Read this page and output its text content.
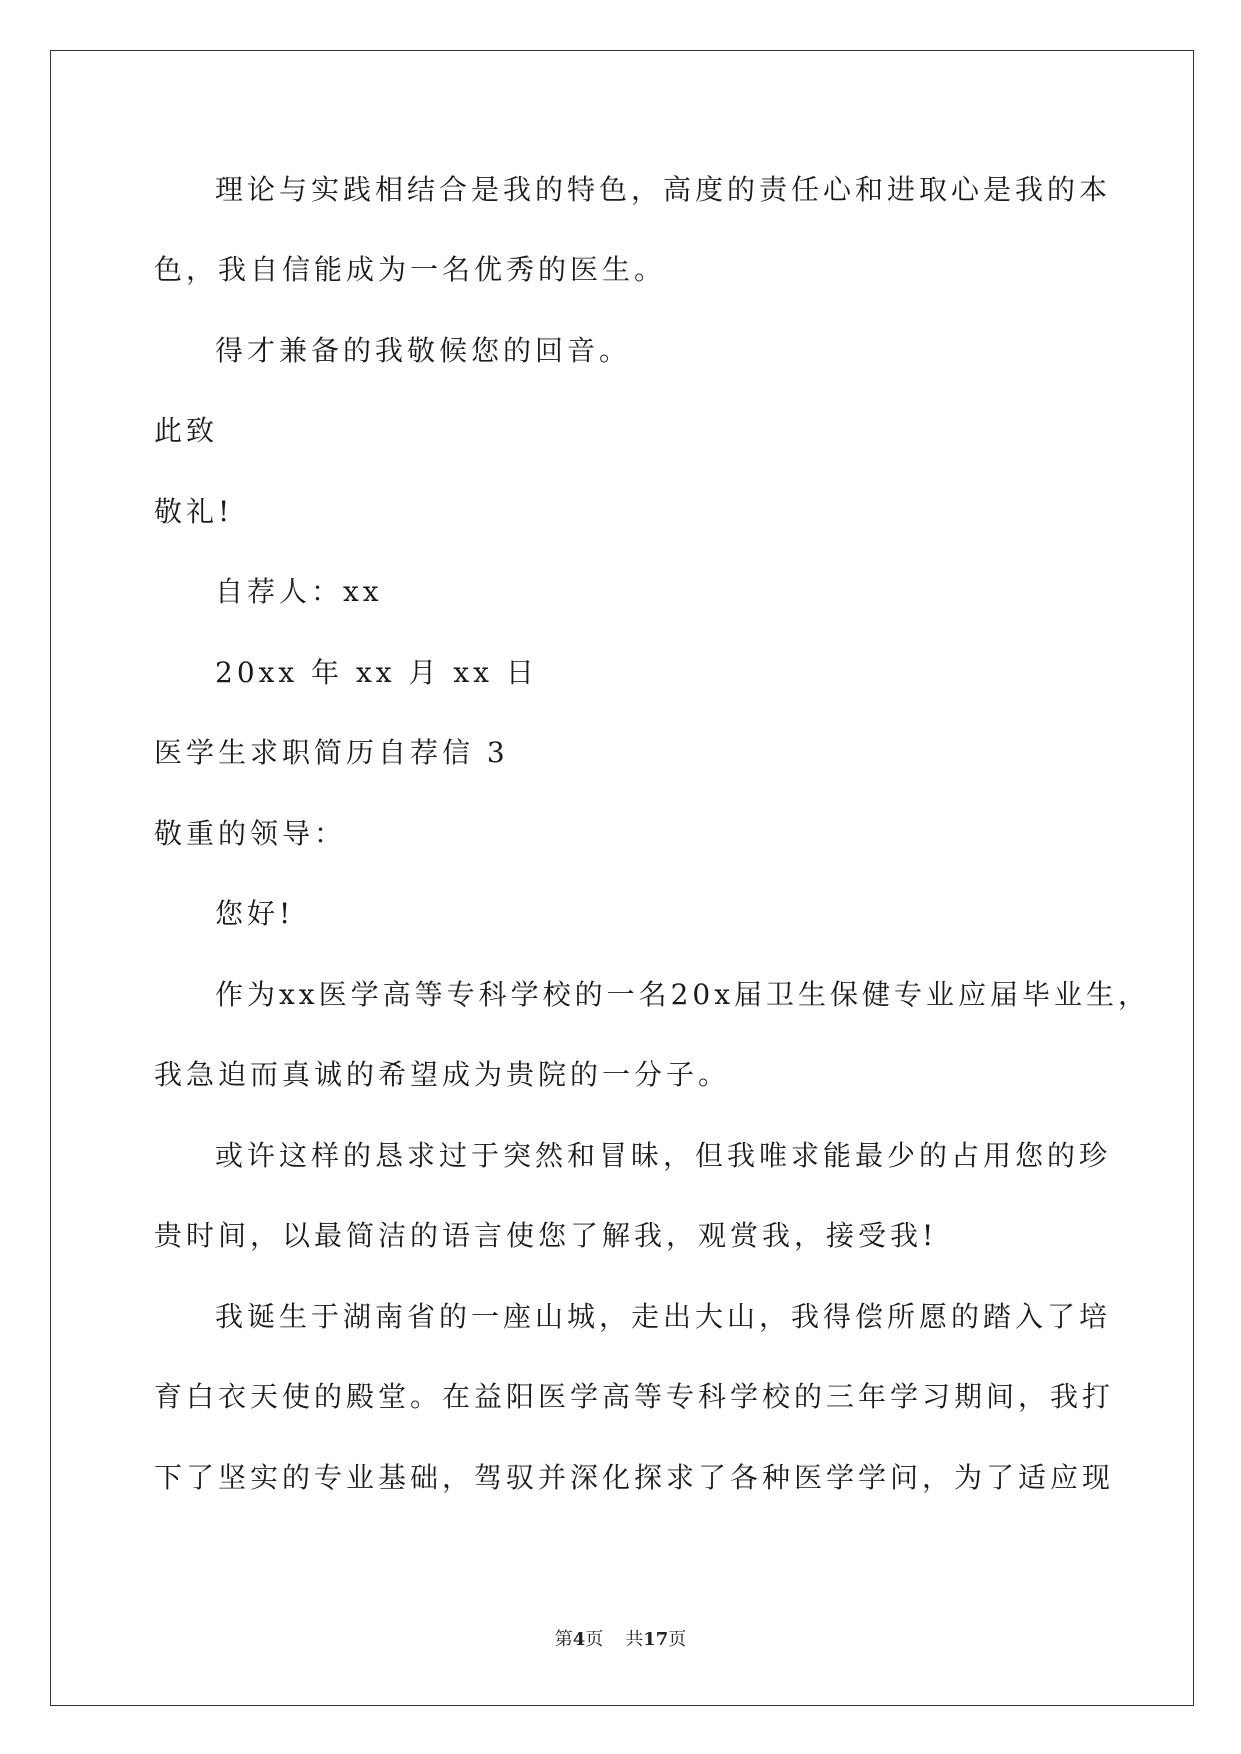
理论与实践相结合是我的特色，高度的责任心和进取心是我的本
色，我自信能成为一名优秀的医生。
得才兼备的我敬候您的回音。
此致
敬礼!
自荐人：xx
20xx 年 xx 月 xx 日
医学生求职简历自荐信 3
敬重的领导：
您好!
作为xx医学高等专科学校的一名20x届卫生保健专业应届毕业生，
我急迫而真诚的希望成为贵院的一分子。
或许这样的恳求过于突然和冒昧，但我唯求能最少的占用您的珍
贵时间，以最简洁的语言使您了解我，观赏我，接受我!
我诞生于湖南省的一座山城，走出大山，我得偿所愿的踏入了培
育白衣天使的殿堂。在益阳医学高等专科学校的三年学习期间，我打
下了坚实的专业基础，驾驭并深化探求了各种医学学问，为了适应现
第4页 共17页
